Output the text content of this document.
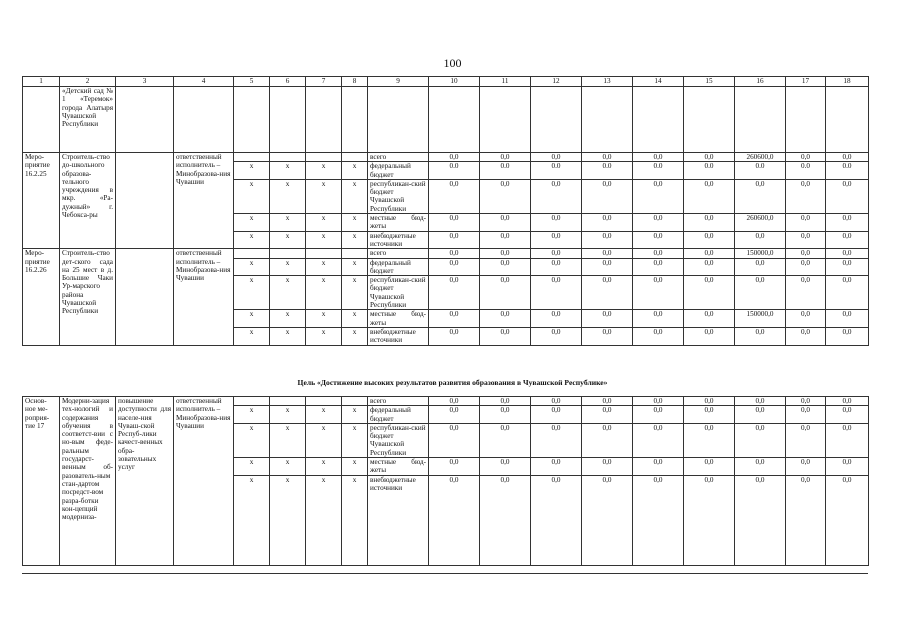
100
1	2	3	4	5	6	7	8	9	10	11	12	13	14	15	16	17	18
	«Детский сад № 1 «Теремок» города Алатыря Чувашской Республики																
Меро-приятие 16.2.25	Строитель-ство до-школьного образова-тельного учреждения в мкр. «Ра-дужный» г. Чебокса-ры		ответственный исполнитель – Минобразова-ния Чувашии					всего	0,0	0,0	0,0	0,0	0,0	0,0	260600,0	0,0	0,0
				x	x	x	x	федеральный бюджет	0.0	0.0	0.0	0.0	0.0	0.0	0.0	0.0	0.0
				x	x	x	x	республикан-ский бюджет Чувашской Республики	0,0	0,0	0,0	0,0	0,0	0,0	0,0	0,0	0,0
				x	x	x	x	местные бюд-жеты	0,0	0,0	0,0	0,0	0,0	0,0	260600,0	0,0	0,0
				x	x	x	x	внебюджетные источники	0,0	0,0	0,0	0,0	0,0	0,0	0,0	0,0	0,0
Меро-приятие 16.2.26	Строитель-ство дет-ского сада на 25 мест в д. Большие Чаки Ур-марского района Чувашской Республики		ответственный исполнитель – Минобразова-ния Чувашии					всего	0,0	0,0	0,0	0,0	0,0	0,0	150000,0	0,0	0,0
				x	x	x	x	федеральный бюджет	0,0	0,0	0,0	0,0	0,0	0,0	0,0	0,0	0,0
				x	x	x	x	республикан-ский бюджет Чувашской Республики	0,0	0,0	0,0	0,0	0,0	0,0	0,0	0,0	0,0
				x	x	x	x	местные бюд-жеты	0,0	0,0	0,0	0,0	0,0	0,0	150000,0	0,0	0,0
				x	x	x	x	внебюджетные источники	0,0	0,0	0,0	0,0	0,0	0,0	0,0	0,0	0,0
Цель «Достижение высоких результатов развития образования в Чувашской Республике»
Основ-ное ме-роприя-тие 17	Модерни-зация тех-нологий и содержания обучения в соответст-вии с но-вым феде-ральным государст-венным об-разователь-ным стан-дартом посредст-вом разра-ботки кон-цепций модерниза-	повышение доступности для населе-ния Чуваш-ской Респуб-лики качест-венных обра-зовательных услуг	ответственный исполнитель – Минобразова-ния Чувашии					всего	0,0	0,0	0,0	0,0	0,0	0,0	0,0	0,0	0,0
				x	x	x	x	федеральный бюджет	0,0	0,0	0,0	0,0	0,0	0,0	0,0	0,0	0,0
				x	x	x	x	республикан-ский бюджет Чувашской Республики	0,0	0,0	0,0	0,0	0,0	0,0	0,0	0,0	0,0
				x	x	x	x	местные бюд-жеты	0,0	0,0	0,0	0,0	0,0	0,0	0,0	0,0	0,0
				x	x	x	x	внебюджетные источники	0,0	0,0	0,0	0,0	0,0	0,0	0,0	0,0	0,0
